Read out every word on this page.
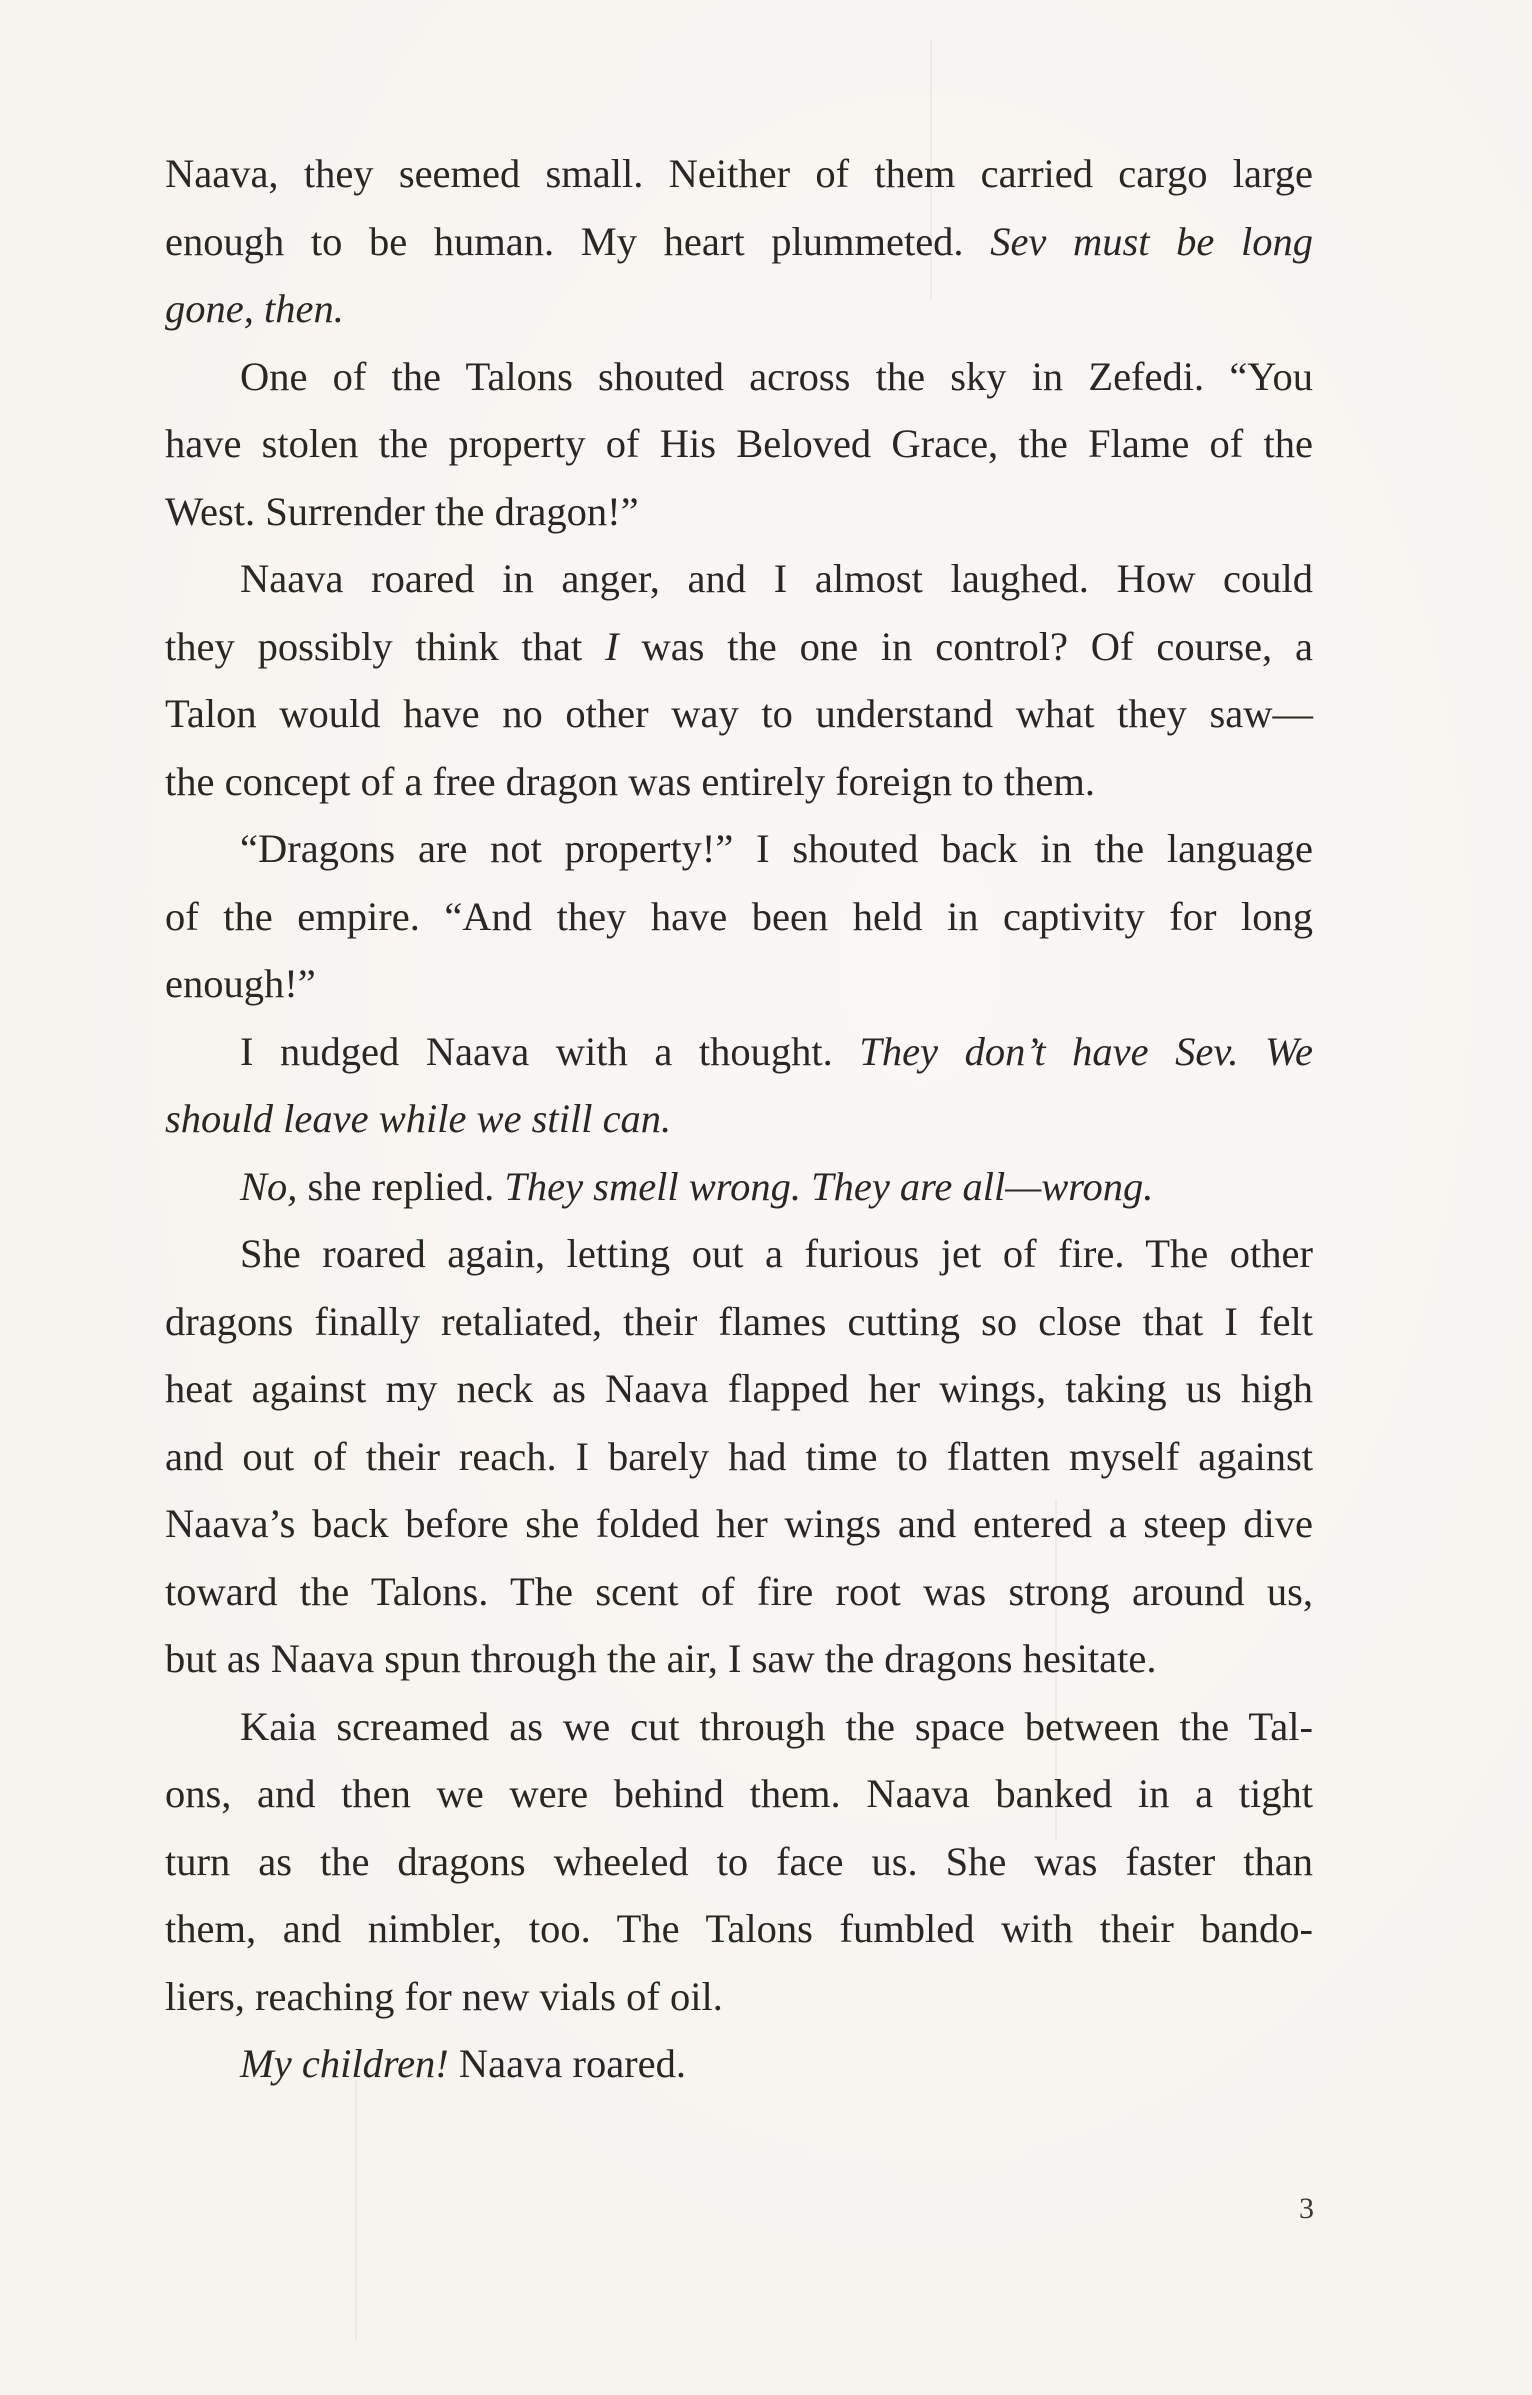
Naava, they seemed small. Neither of them carried cargo large
enough to be human. My heart plummeted. Sev must be long
gone, then.
One of the Talons shouted across the sky in Zefedi. “You
have stolen the property of His Beloved Grace, the Flame of the
West. Surrender the dragon!”
Naava roared in anger, and I almost laughed. How could
they possibly think that I was the one in control? Of course, a
Talon would have no other way to understand what they saw—
the concept of a free dragon was entirely foreign to them.
“Dragons are not property!” I shouted back in the language
of the empire. “And they have been held in captivity for long
enough!”
I nudged Naava with a thought. They don’t have Sev. We
should leave while we still can.
No, she replied. They smell wrong. They are all—wrong.
She roared again, letting out a furious jet of fire. The other
dragons finally retaliated, their flames cutting so close that I felt
heat against my neck as Naava flapped her wings, taking us high
and out of their reach. I barely had time to flatten myself against
Naava’s back before she folded her wings and entered a steep dive
toward the Talons. The scent of fire root was strong around us,
but as Naava spun through the air, I saw the dragons hesitate.
Kaia screamed as we cut through the space between the Tal-
ons, and then we were behind them. Naava banked in a tight
turn as the dragons wheeled to face us. She was faster than
them, and nimbler, too. The Talons fumbled with their bando-
liers, reaching for new vials of oil.
My children! Naava roared.
3
